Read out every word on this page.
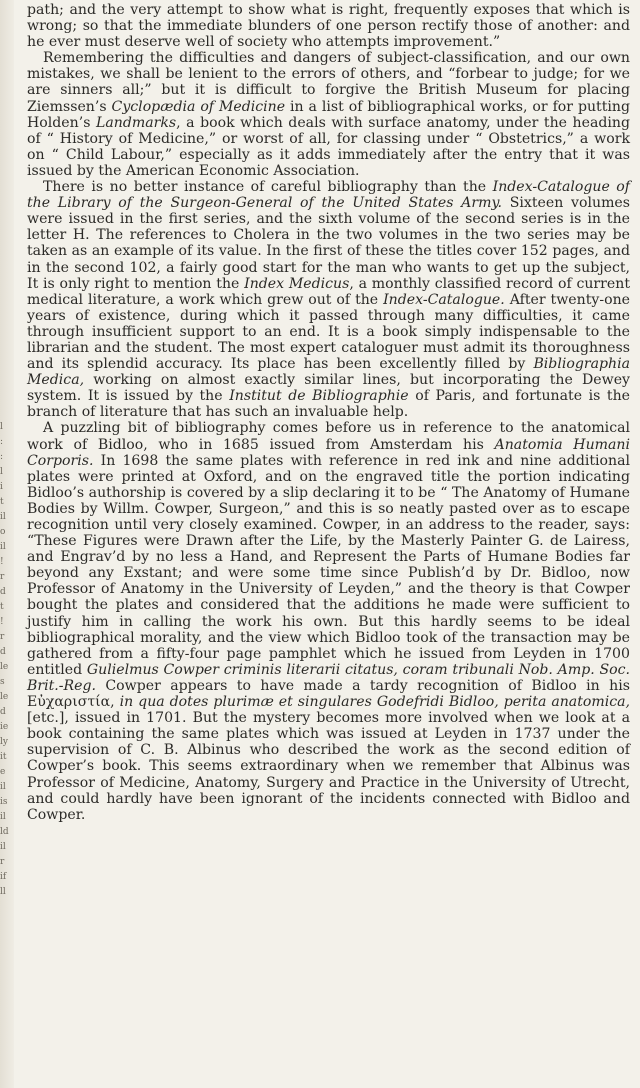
l
:
:
l
i
t
il
o
il
!
r
d
t
!
r
d
le
s
le
d
ie
ly
it
e
il
is
il
ld
il
r
if
ll

path; and the very attempt to show what is right, frequently exposes that which is wrong; so that the immediate blunders of one person rectify those of another: and he ever must deserve well of society who attempts improvement.”

Remembering the difficulties and dangers of subject-classification, and our own mistakes, we shall be lenient to the errors of others, and “forbear to judge; for we are sinners all;” but it is difficult to forgive the British Museum for placing Ziemssen’s Cyclopædia of Medicine in a list of bibliographical works, or for putting Holden’s Landmarks, a book which deals with surface anatomy, under the heading of “ History of Medicine,” or worst of all, for classing under “ Obstetrics,” a work on “ Child Labour,” especially as it adds immediately after the entry that it was issued by the American Economic Association.

There is no better instance of careful bibliography than the Index-Catalogue of the Library of the Surgeon-General of the United States Army. Sixteen volumes were issued in the first series, and the sixth volume of the second series is in the letter H. The references to Cholera in the two volumes in the two series may be taken as an example of its value. In the first of these the titles cover 152 pages, and in the second 102, a fairly good start for the man who wants to get up the subject, It is only right to mention the Index Medicus, a monthly classified record of current medical literature, a work which grew out of the Index-Catalogue. After twenty-one years of existence, during which it passed through many difficulties, it came through insufficient support to an end. It is a book simply indispensable to the librarian and the student. The most expert cataloguer must admit its thoroughness and its splendid accuracy. Its place has been excellently filled by Bibliographia Medica, working on almost exactly similar lines, but incorporating the Dewey system. It is issued by the Institut de Bibliographie of Paris, and fortunate is the branch of literature that has such an invaluable help.

A puzzling bit of bibliography comes before us in reference to the anatomical work of Bidloo, who in 1685 issued from Amsterdam his Anatomia Humani Corporis. In 1698 the same plates with reference in red ink and nine additional plates were printed at Oxford, and on the engraved title the portion indicating Bidloo’s authorship is covered by a slip declaring it to be “ The Anatomy of Humane Bodies by Willm. Cowper, Surgeon,” and this is so neatly pasted over as to escape recognition until very closely examined. Cowper, in an address to the reader, says: “These Figures were Drawn after the Life, by the Masterly Painter G. de Lairess, and Engrav’d by no less a Hand, and Represent the Parts of Humane Bodies far beyond any Exstant; and were some time since Publish’d by Dr. Bidloo, now Professor of Anatomy in the University of Leyden,” and the theory is that Cowper bought the plates and considered that the additions he made were sufficient to justify him in calling the work his own. But this hardly seems to be ideal bibliographical morality, and the view which Bidloo took of the transaction may be gathered from a fifty-four page pamphlet which he issued from Leyden in 1700 entitled Gulielmus Cowper criminis literarii citatus, coram tribunali Nob. Amp. Soc. Brit.-Reg. Cowper appears to have made a tardy recognition of Bidloo in his Εὐχαριστία, in qua dotes plurimæ et singulares Godefridi Bidloo, perita anatomica, [etc.], issued in 1701. But the mystery becomes more involved when we look at a book containing the same plates which was issued at Leyden in 1737 under the supervision of C. B. Albinus who described the work as the second edition of Cowper’s book. This seems extraordinary when we remember that Albinus was Professor of Medicine, Anatomy, Surgery and Practice in the University of Utrecht, and could hardly have been ignorant of the incidents connected with Bidloo and Cowper.
